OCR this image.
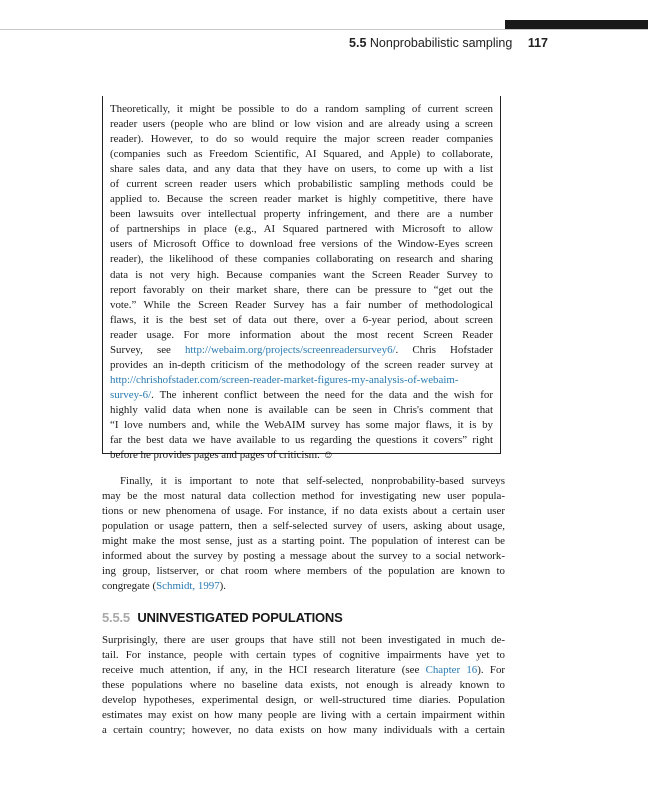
5.5 Nonprobabilistic sampling 117

Theoretically, it might be possible to do a random sampling of current screen

reader users (people who are blind or low vision and are already using a screen

reader). However, to do so would require the major screen reader companies

(companies such as Freedom Scientific, AI Squared, and Apple) to collaborate,

share sales data, and any data that they have on users, to come up with a list

of current screen reader users which probabilistic sampling methods could be

applied to. Because the screen reader market is highly competitive, there have

been lawsuits over intellectual property infringement, and there are a number

of partnerships in place (e.g., AI Squared partnered with Microsoft to allow

users of Microsoft Office to download free versions of the Window-Eyes screen

reader), the likelihood of these companies collaborating on research and sharing

data is not very high. Because companies want the Screen Reader Survey to

report favorably on their market share, there can be pressure to “get out the

vote.” While the Screen Reader Survey has a fair number of methodological

flaws, it is the best set of data out there, over a 6-year period, about screen

reader usage. For more information about the most recent Screen Reader

Survey, see http://webaim.org/projects/screenreadersurvey6/. Chris Hofstader

provides an in-depth criticism of the methodology of the screen reader survey at

http://chrishofstader.com/screen-reader-market-figures-my-analysis-of-webaim-

survey-6/. The inherent conflict between the need for the data and the wish for

highly valid data when none is available can be seen in Chris's comment that

“I love numbers and, while the WebAIM survey has some major flaws, it is by

far the best data we have available to us regarding the questions it covers” right

before he provides pages and pages of criticism. ☺

Finally, it is important to note that self-selected, nonprobability-based surveys

may be the most natural data collection method for investigating new user popula-

tions or new phenomena of usage. For instance, if no data exists about a certain user

population or usage pattern, then a self-selected survey of users, asking about usage,

might make the most sense, just as a starting point. The population of interest can be

informed about the survey by posting a message about the survey to a social network-

ing group, listserver, or chat room where members of the population are known to

congregate (Schmidt, 1997).

5.5.5 UNINVESTIGATED POPULATIONS

Surprisingly, there are user groups that have still not been investigated in much de-

tail. For instance, people with certain types of cognitive impairments have yet to

receive much attention, if any, in the HCI research literature (see Chapter 16). For

these populations where no baseline data exists, not enough is already known to

develop hypotheses, experimental design, or well-structured time diaries. Population

estimates may exist on how many people are living with a certain impairment within

a certain country; however, no data exists on how many individuals with a certain
